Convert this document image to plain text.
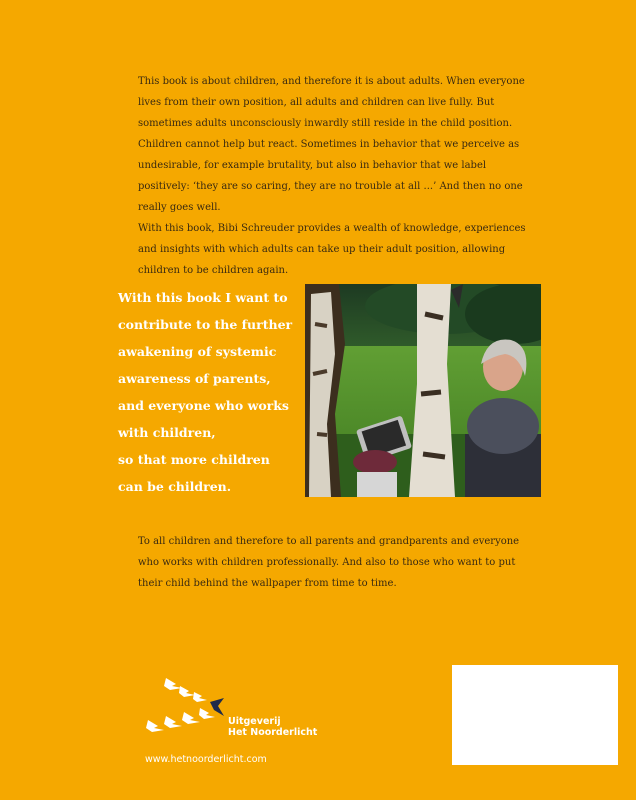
This book is about children, and therefore it is about adults. When everyone lives from their own position, all adults and children can live fully. But sometimes adults unconsciously inwardly still reside in the child position. Children cannot help but react. Sometimes in behavior that we perceive as undesirable, for example brutality, but also in behavior that we label positively: ‘they are so caring, they are no trouble at all ...’ And then no one really goes well.

With this book, Bibi Schreuder provides a wealth of knowledge, experiences and insights with which adults can take up their adult position, allowing children to be children again.

With this book I want to contribute to the further awakening of systemic awareness of parents, and everyone who works with children,

so that more children can be children.

To all children and therefore to all parents and grandparents and everyone who works with children professionally. And also to those who want to put their child behind the wallpaper from time to time.
Uitgeverij
Het Noorderlicht
www.hetnoorderlicht.com
